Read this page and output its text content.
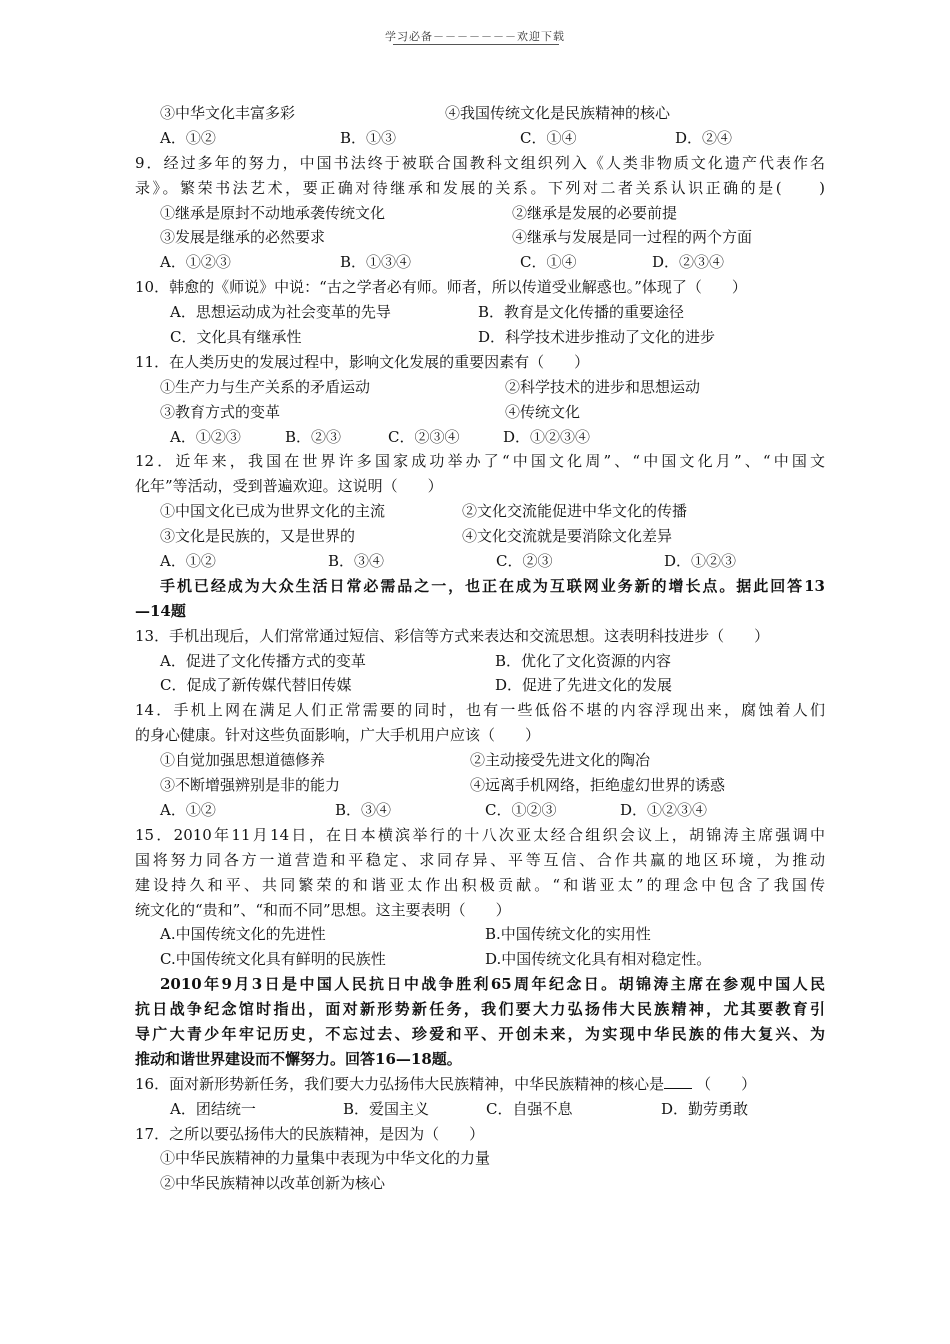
学习必备－－－－－－－欢迎下载
③中华文化丰富多彩	④我国传统文化是民族精神的核心
A．①②	B．①③	C．①④	D．②④
9．经过多年的努力，中国书法终于被联合国教科文组织列入《人类非物质文化遗产代表作名
录》。繁荣书法艺术，要正确对待继承和发展的关系。下列对二者关系认识正确的是(　　)
①继承是原封不动地承袭传统文化	②继承是发展的必要前提
③发展是继承的必然要求	④继承与发展是同一过程的两个方面
A．①②③	B．①③④	C．①④	D．②③④
10．韩愈的《师说》中说：“古之学者必有师。师者，所以传道受业解惑也。”体现了（　　）
A．思想运动成为社会变革的先导	B．教育是文化传播的重要途径
C．文化具有继承性	D．科学技术进步推动了文化的进步
11．在人类历史的发展过程中，影响文化发展的重要因素有（　　）
①生产力与生产关系的矛盾运动	②科学技术的进步和思想运动
③教育方式的变革	④传统文化
A．①②③	B．②③	C．②③④	D．①②③④
12．近年来，我国在世界许多国家成功举办了“中国文化周”、“中国文化月”、“中国文
化年”等活动，受到普遍欢迎。这说明（　　）
①中国文化已成为世界文化的主流	②文化交流能促进中华文化的传播
③文化是民族的，又是世界的	④文化交流就是要消除文化差异
A．①②	B．③④	C．②③	D．①②③
手机已经成为大众生活日常必需品之一，也正在成为互联网业务新的增长点。据此回答13
—14题
13．手机出现后，人们常常通过短信、彩信等方式来表达和交流思想。这表明科技进步（　　）
A．促进了文化传播方式的变革	B．优化了文化资源的内容
C．促成了新传媒代替旧传媒	D．促进了先进文化的发展
14．手机上网在满足人们正常需要的同时，也有一些低俗不堪的内容浮现出来，腐蚀着人们
的身心健康。针对这些负面影响，广大手机用户应该（　　）
①自觉加强思想道德修养	②主动接受先进文化的陶冶
③不断增强辨别是非的能力	④远离手机网络，拒绝虚幻世界的诱惑
A．①②	B．③④	C．①②③	D．①②③④
15．2010年11月14日，在日本横滨举行的十八次亚太经合组织会议上，胡锦涛主席强调中
国将努力同各方一道营造和平稳定、求同存异、平等互信、合作共赢的地区环境，为推动
建设持久和平、共同繁荣的和谐亚太作出积极贡献。“和谐亚太”的理念中包含了我国传
统文化的“贵和”、“和而不同”思想。这主要表明（　　）
A.中国传统文化的先进性	B.中国传统文化的实用性
C.中国传统文化具有鲜明的民族性	D.中国传统文化具有相对稳定性。
2010年9月3日是中国人民抗日中战争胜利65周年纪念日。胡锦涛主席在参观中国人民
抗日战争纪念馆时指出，面对新形势新任务，我们要大力弘扬伟大民族精神，尤其要教育引
导广大青少年牢记历史，不忘过去、珍爱和平、开创未来，为实现中华民族的伟大复兴、为
推动和谐世界建设而不懈努力。回答16—18题。
16．面对新形势新任务，我们要大力弘扬伟大民族精神，中华民族精神的核心是 （　　）
A．团结统一	B．爱国主义	C．自强不息	D．勤劳勇敢
17．之所以要弘扬伟大的民族精神，是因为（　　）
①中华民族精神的力量集中表现为中华文化的力量
②中华民族精神以改革创新为核心
